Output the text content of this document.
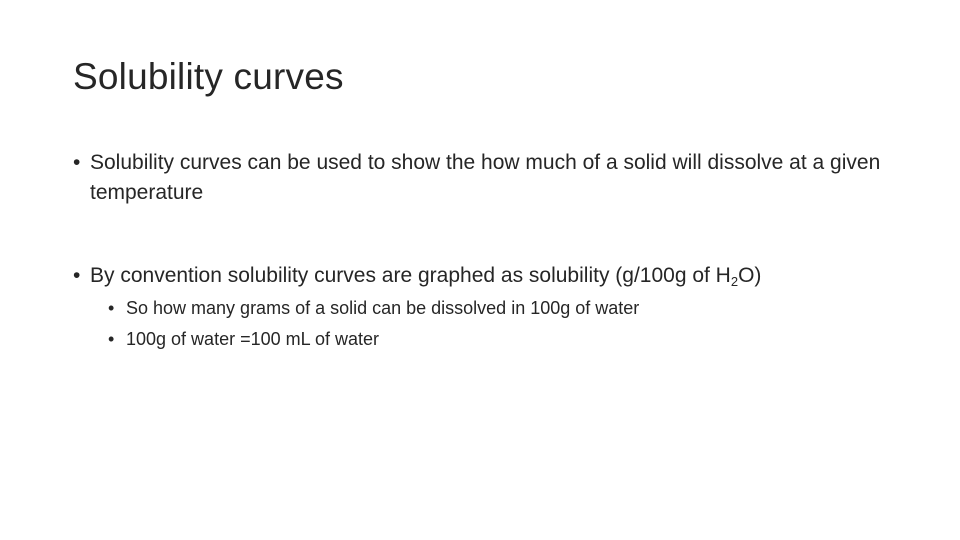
Solubility curves
• Solubility curves can be used to show the how much of a solid will dissolve at a given temperature
• By convention solubility curves are graphed as solubility (g/100g of $H_2O$)
• So how many grams of a solid can be dissolved in 100g of water
• 100g of water =100 mL of water
